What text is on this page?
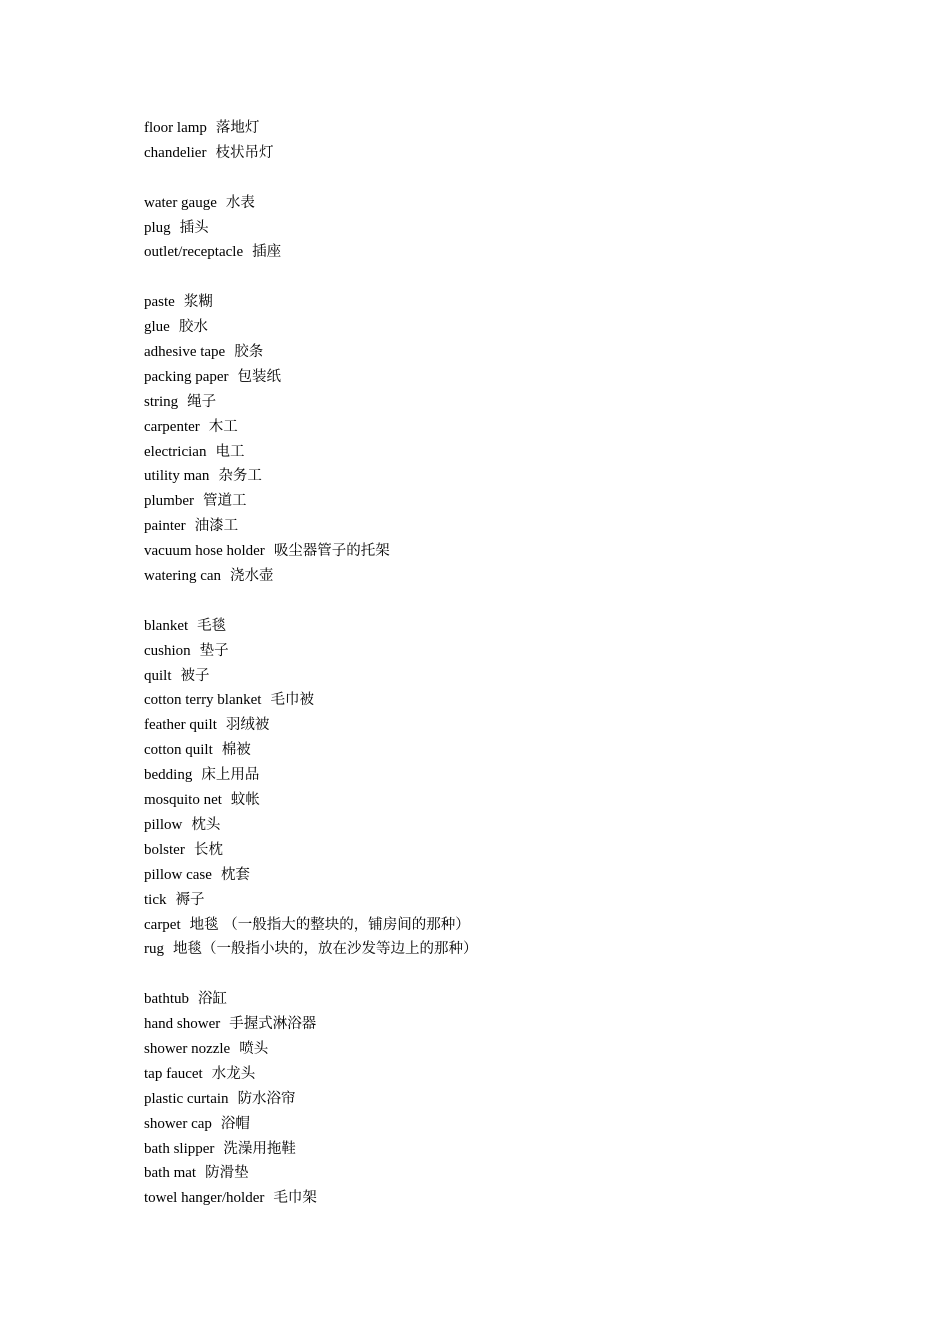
floor lamp 落地灯
chandelier 枝状吊灯
water gauge 水表
plug 插头
outlet/receptacle 插座
paste 浆糊
glue 胶水
adhesive tape 胶条
packing paper 包装纸
string 绳子
carpenter 木工
electrician 电工
utility man 杂务工
plumber 管道工
painter 油漆工
vacuum hose holder 吸尘器管子的托架
watering can 浇水壶
blanket 毛毯
cushion 垫子
quilt 被子
cotton terry blanket 毛巾被
feather quilt 羽绒被
cotton quilt 棉被
bedding 床上用品
mosquito net 蚊帐
pillow 枕头
bolster 长枕
pillow case 枕套
tick 褥子
carpet 地毯 （一般指大的整块的，铺房间的那种）
rug 地毯（一般指小块的，放在沙发等边上的那种）
bathtub 浴缸
hand shower 手握式淋浴器
shower nozzle 喷头
tap faucet 水龙头
plastic curtain 防水浴帘
shower cap 浴帽
bath slipper 洗澡用拖鞋
bath mat 防滑垫
towel hanger/holder 毛巾架
